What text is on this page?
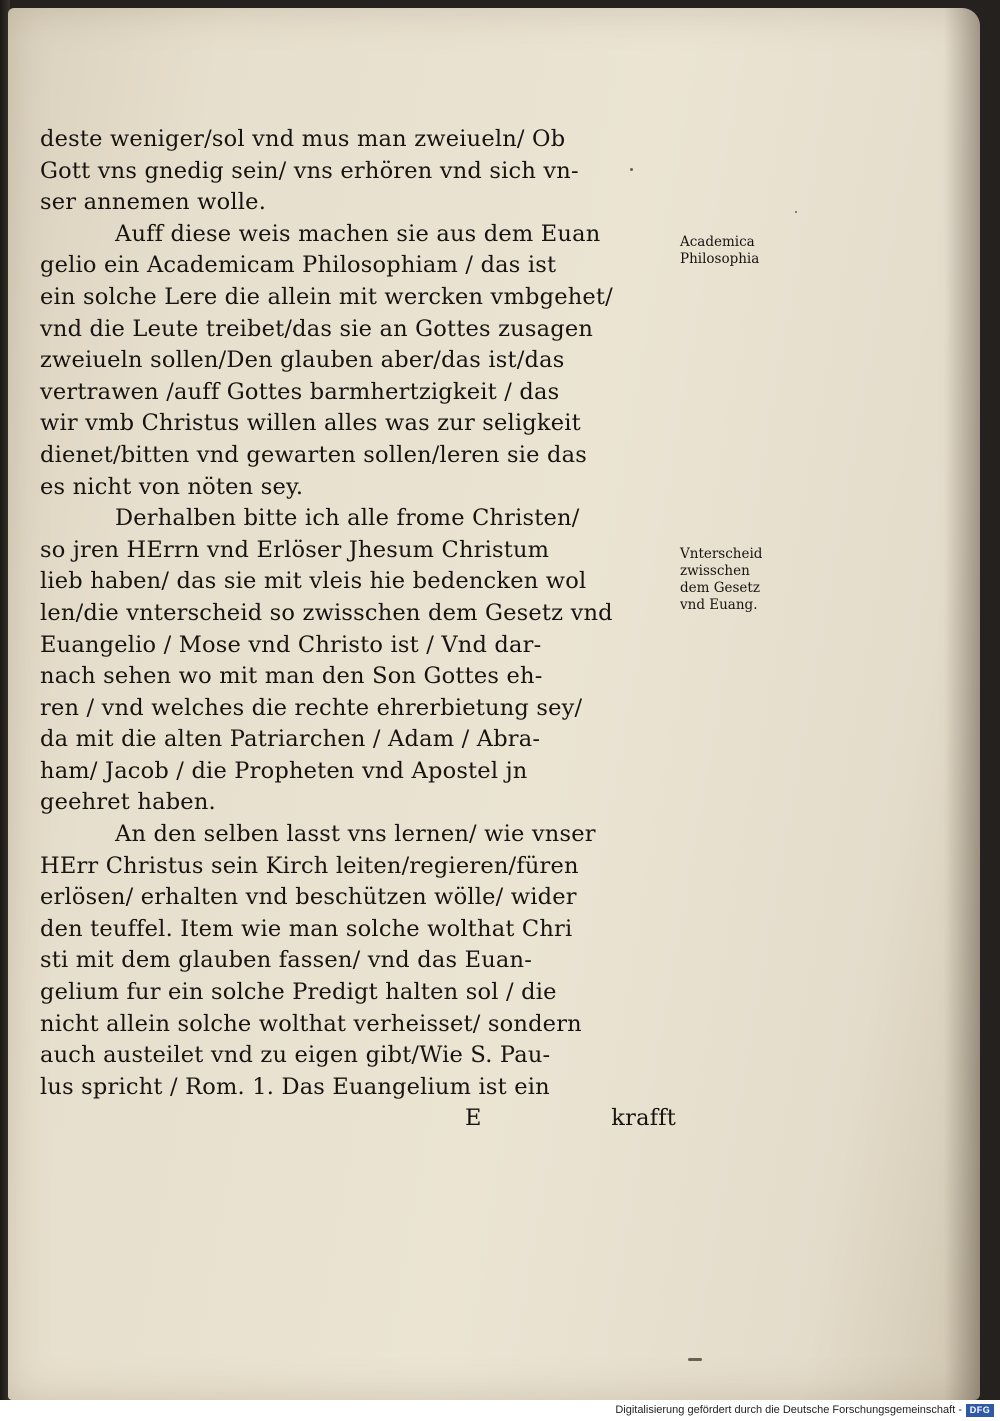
deste weniger/sol vnd mus man zweiueln/ Ob
Gott vns gnedig sein/ vns erhören vnd sich vn-
ser annemen wolle.
Auff diese weis machen sie aus dem Euan
gelio ein Academicam Philosophiam / das ist
ein solche Lere die allein mit wercken vmbgehet/
vnd die Leute treibet/das sie an Gottes zusagen
zweiueln sollen/Den glauben aber/das ist/das
vertrawen /auff Gottes barmhertzigkeit / das
wir vmb Christus willen alles was zur seligkeit
dienet/bitten vnd gewarten sollen/leren sie das
es nicht von nöten sey.
Derhalben bitte ich alle frome Christen/
so jren HErrn vnd Erlöser Jhesum Christum
lieb haben/ das sie mit vleis hie bedencken wol
len/die vnterscheid so zwisschen dem Gesetz vnd
Euangelio / Mose vnd Christo ist / Vnd dar-
nach sehen wo mit man den Son Gottes eh-
ren / vnd welches die rechte ehrerbietung sey/
da mit die alten Patriarchen / Adam / Abra-
ham/ Jacob / die Propheten vnd Apostel jn
geehret haben.
An den selben lasst vns lernen/ wie vnser
HErr Christus sein Kirch leiten/regieren/füren
erlösen/ erhalten vnd beschützen wölle/ wider
den teuffel. Item wie man solche wolthat Chri
sti mit dem glauben fassen/ vnd das Euan-
gelium fur ein solche Predigt halten sol / die
nicht allein solche wolthat verheisset/ sondern
auch austeilet vnd zu eigen gibt/Wie S. Pau-
lus spricht / Rom. 1. Das Euangelium ist ein
E	krafft
Academica
Philosophia
Vnterscheid
zwisschen
dem Gesetz
vnd Euang.
Digitalisierung gefördert durch die Deutsche Forschungsgemeinschaft - DFG
